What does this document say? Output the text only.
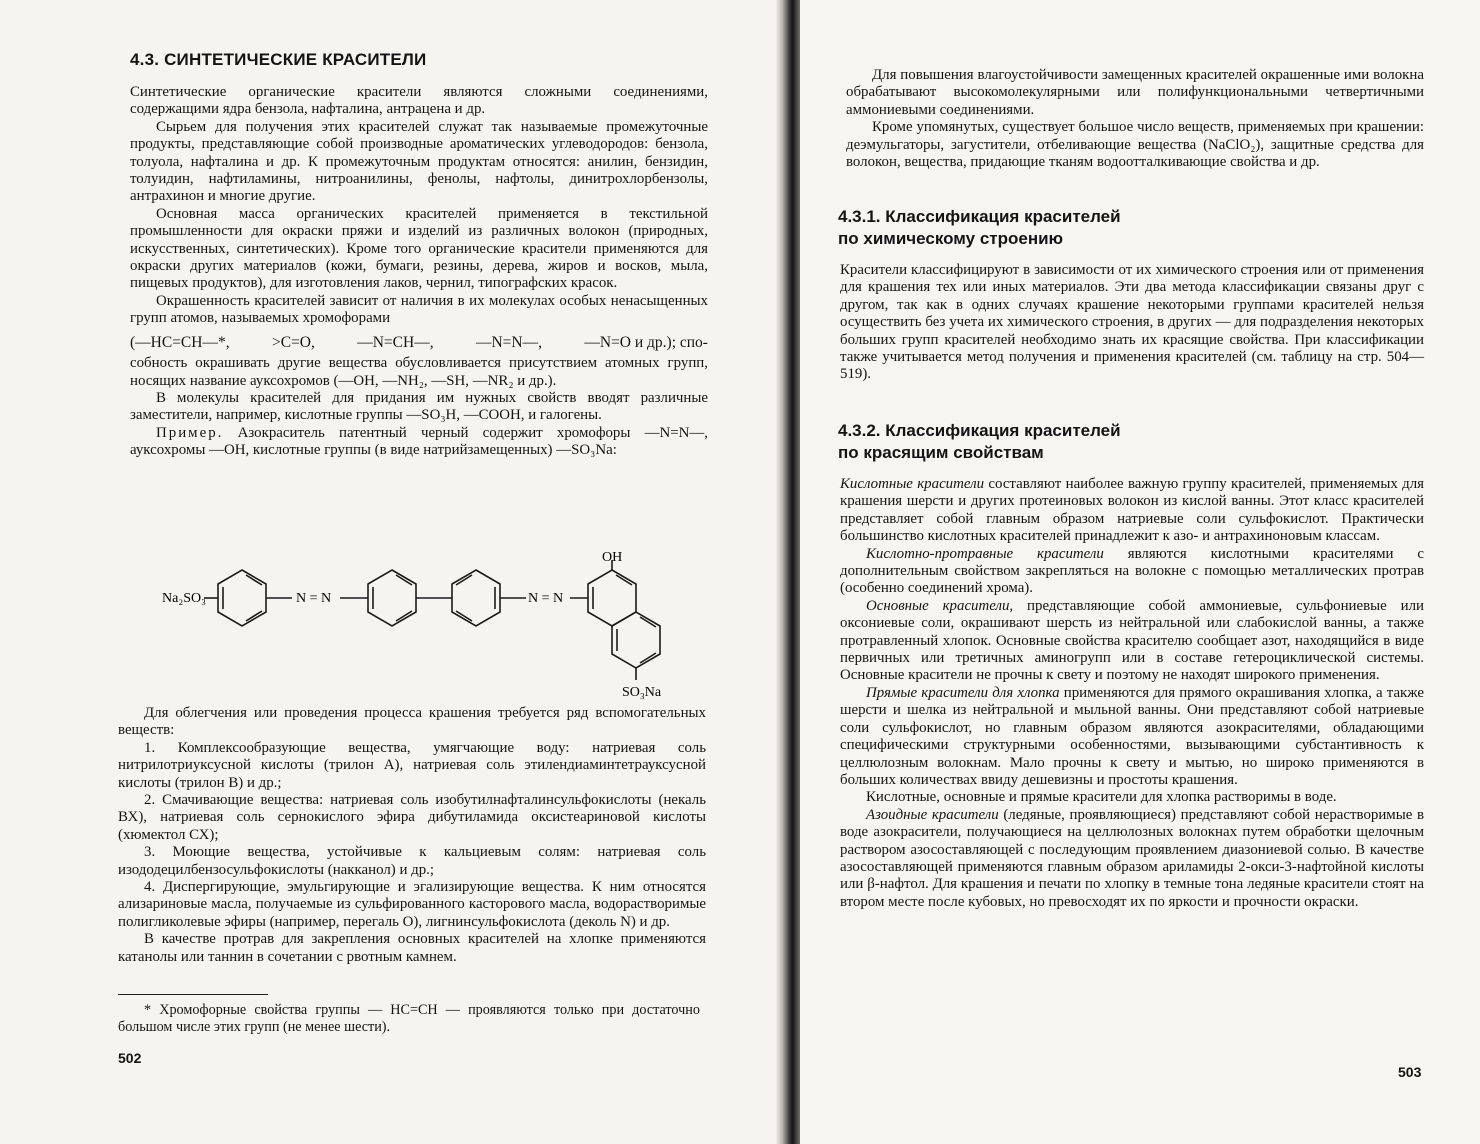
4.3. СИНТЕТИЧЕСКИЕ КРАСИТЕЛИ

Синтетические органические красители являются сложными соединениями, содержащими ядра бензола, нафталина, антрацена и др.

Сырьем для получения этих красителей служат так называемые промежуточные продукты, представляющие собой производные ароматических углеводородов: бензола, толуола, нафталина и др. К промежуточным продуктам относятся: анилин, бензидин, толуидин, нафтиламины, нитроанилины, фенолы, нафтолы, динитрохлорбензолы, антрахинон и многие другие.

Основная масса органических красителей применяется в текстильной промышленности для окраски пряжи и изделий из различных волокон (природных, искусственных, синтетических). Кроме того органические красители применяются для окраски других материалов (кожи, бумаги, резины, дерева, жиров и восков, мыла, пищевых продуктов), для изготовления лаков, чернил, типографских красок.

Окрашенность красителей зависит от наличия в их молекулах особых ненасыщенных групп атомов, называемых хромофорами

(—HC=CH—*,	>C=O,	—N=CH—,	—N=N—,	—N=O и др.); спо-

собность окрашивать другие вещества обусловливается присутствием атомных групп, носящих название ауксохромов (—OH, —NH₂, —SH, —NR₂ и др.).

В молекулы красителей для придания им нужных свойств вводят различные заместители, например, кислотные группы —SO₃H, —COOH, и галогены.

Пример. Азокраситель патентный черный содержит хромофоры —N=N—, ауксохромы —OH, кислотные группы (в виде натрийзамещенных) —SO₃Na:

Na₂SO₃	N = N	N = N
OH
SO₃Na

Для облегчения или проведения процесса крашения требуется ряд вспомогательных веществ:

1. Комплексообразующие вещества, умягчающие воду: натриевая соль нитрилотриуксусной кислоты (трилон А), натриевая соль этилендиаминтетрауксусной кислоты (трилон В) и др.;

2. Смачивающие вещества: натриевая соль изобутилнафталинсульфокислоты (некаль ВХ), натриевая соль сернокислого эфира дибутиламида оксистеариновой кислоты (хюмектол СХ);

3. Моющие вещества, устойчивые к кальциевым солям: натриевая соль изододецилбензосульфокислоты (накканол) и др.;

4. Диспергирующие, эмульгирующие и эгализирующие вещества. К ним относятся ализариновые масла, получаемые из сульфированного касторового масла, водорастворимые полигликолевые эфиры (например, перегаль О), лигнинсульфокислота (деколь N) и др.

В качестве протрав для закрепления основных красителей на хлопке применяются катанолы или таннин в сочетании с рвотным камнем.

* Хромофорные свойства группы — HC=CH — проявляются только при достаточно большом числе этих групп (не менее шести).

502

Для повышения влагоустойчивости замещенных красителей окрашенные ими волокна обрабатывают высокомолекулярными или полифункциональными четвертичными аммониевыми соединениями.

Кроме упомянутых, существует большое число веществ, применяемых при крашении: деэмульгаторы, загустители, отбеливающие вещества (NaClO₂), защитные средства для волокон, вещества, придающие тканям водоотталкивающие свойства и др.

4.3.1. Классификация красителей

по химическому строению

Красители классифицируют в зависимости от их химического строения или от применения для крашения тех или иных материалов. Эти два метода классификации связаны друг с другом, так как в одних случаях крашение некоторыми группами красителей нельзя осуществить без учета их химического строения, в других — для подразделения некоторых больших групп красителей необходимо знать их красящие свойства. При классификации также учитывается метод получения и применения красителей (см. таблицу на стр. 504—519).

4.3.2. Классификация красителей

по красящим свойствам

Кислотные красители составляют наиболее важную группу красителей, применяемых для крашения шерсти и других протеиновых волокон из кислой ванны. Этот класс красителей представляет собой главным образом натриевые соли сульфокислот. Практически большинство кислотных красителей принадлежит к азо- и антрахиноновым классам.

Кислотно-протравные красители являются кислотными красителями с дополнительным свойством закрепляться на волокне с помощью металлических протрав (особенно соединений хрома).

Основные красители, представляющие собой аммониевые, сульфониевые или оксониевые соли, окрашивают шерсть из нейтральной или слабокислой ванны, а также протравленный хлопок. Основные свойства красителю сообщает азот, находящийся в виде первичных или третичных аминогрупп или в составе гетероциклической системы. Основные красители не прочны к свету и поэтому не находят широкого применения.

Прямые красители для хлопка применяются для прямого окрашивания хлопка, а также шерсти и шелка из нейтральной и мыльной ванны. Они представляют собой натриевые соли сульфокислот, но главным образом являются азокрасителями, обладающими специфическими структурными особенностями, вызывающими субстантивность к целлюлозным волокнам. Мало прочны к свету и мытью, но широко применяются в больших количествах ввиду дешевизны и простоты крашения.

Кислотные, основные и прямые красители для хлопка растворимы в воде.

Азоидные красители (ледяные, проявляющиеся) представляют собой нерастворимые в воде азокрасители, получающиеся на целлюлозных волокнах путем обработки щелочным раствором азосоставляющей с последующим проявлением диазониевой солью. В качестве азосоставляющей применяются главным образом ариламиды 2-окси-3-нафтойной кислоты или β-нафтол. Для крашения и печати по хлопку в темные тона ледяные красители стоят на втором месте после кубовых, но превосходят их по яркости и прочности окраски.

503
